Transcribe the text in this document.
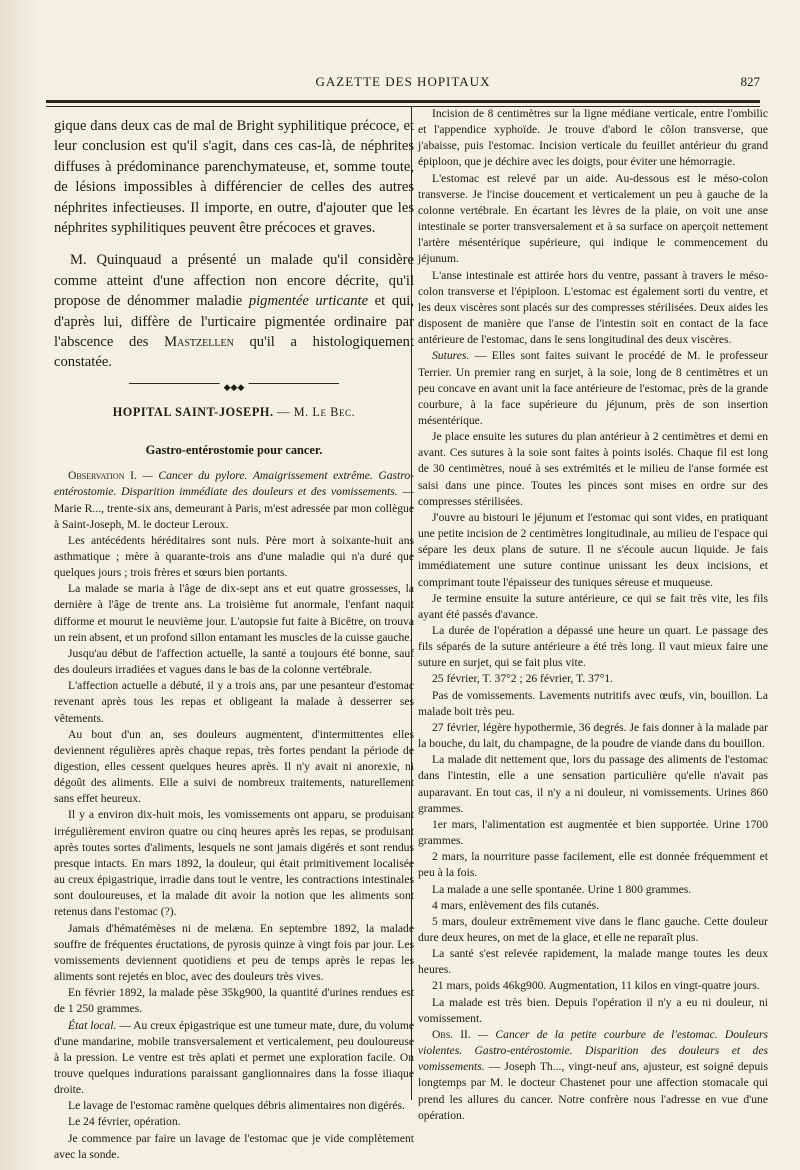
GAZETTE DES HOPITAUX	827

gique dans deux cas de mal de Bright syphilitique précoce, et leur conclusion est qu'il s'agit, dans ces cas-là, de néphrites diffuses à prédominance parenchymateuse, et, somme toute, de lésions impossibles à différencier de celles des autres néphrites infectieuses. Il importe, en outre, d'ajouter que les néphrites syphilitiques peuvent être précoces et graves.

M. Quinquaud a présenté un malade qu'il considère comme atteint d'une affection non encore décrite, qu'il propose de dénommer maladie pigmentée urticante et qui, d'après lui, diffère de l'urticaire pigmentée ordinaire par l'abscence des Mastzellen qu'il a histologiquement constatée.

◆◆◆
HOPITAL SAINT-JOSEPH. — M. Le Bec.
Gastro-entérostomie pour cancer.

Observation I. — Cancer du pylore. Amaigrissement extrême. Gastro-entérostomie. Disparition immédiate des douleurs et des vomissements. — Marie R..., trente-six ans, demeurant à Paris, m'est adressée par mon collègue à Saint-Joseph, M. le docteur Leroux.

Les antécédents héréditaires sont nuls. Père mort à soixante-huit ans asthmatique ; mère à quarante-trois ans d'une maladie qui n'a duré que quelques jours ; trois frères et sœurs bien portants.

La malade se maria à l'âge de dix-sept ans et eut quatre grossesses, la dernière à l'âge de trente ans. La troisième fut anormale, l'enfant naquit difforme et mourut le neuvième jour. L'autopsie fut faite à Bicêtre, on trouva un rein absent, et un profond sillon entamant les muscles de la cuisse gauche.

Jusqu'au début de l'affection actuelle, la santé a toujours été bonne, sauf des douleurs irradiées et vagues dans le bas de la colonne vertébrale.

L'affection actuelle a débuté, il y a trois ans, par une pesanteur d'estomac revenant après tous les repas et obligeant la malade à desserrer ses vêtements.

Au bout d'un an, ses douleurs augmentent, d'intermittentes elles deviennent régulières après chaque repas, très fortes pendant la période de digestion, elles cessent quelques heures après. Il n'y avait ni anorexie, ni dégoût des aliments. Elle a suivi de nombreux traitements, naturellement sans effet heureux.

Il y a environ dix-huit mois, les vomissements ont apparu, se produisant irrégulièrement environ quatre ou cinq heures après les repas, se produisant après toutes sortes d'aliments, lesquels ne sont jamais digérés et sont rendus presque intacts. En mars 1892, la douleur, qui était primitivement localisée au creux épigastrique, irradie dans tout le ventre, les contractions intestinales sont douloureuses, et la malade dit avoir la notion que les aliments sont retenus dans l'estomac (?).

Jamais d'hématémèses ni de melæna. En septembre 1892, la malade souffre de fréquentes éructations, de pyrosis quinze à vingt fois par jour. Les vomissements deviennent quotidiens et peu de temps après le repas les aliments sont rejetés en bloc, avec des douleurs très vives.

En février 1892, la malade pèse 35kg900, la quantité d'urines rendues est de 1 250 grammes.

État local. — Au creux épigastrique est une tumeur mate, dure, du volume d'une mandarine, mobile transversalement et verticalement, peu douloureuse à la pression. Le ventre est très aplati et permet une exploration facile. On trouve quelques indurations paraissant ganglionnaires dans la fosse iliaque droite.

Le lavage de l'estomac ramène quelques débris alimentaires non digérés.

Le 24 février, opération.

Je commence par faire un lavage de l'estomac que je vide complètement avec la sonde.

Incision de 8 centimètres sur la ligne médiane verticale, entre l'ombilic et l'appendice xyphoïde. Je trouve d'abord le côlon transverse, que j'abaisse, puis l'estomac. Incision verticale du feuillet antérieur du grand épiploon, que je déchire avec les doigts, pour éviter une hémorragie.

L'estomac est relevé par un aide. Au-dessous est le méso-colon transverse. Je l'incise doucement et verticalement un peu à gauche de la colonne vertébrale. En écartant les lèvres de la plaie, on voit une anse intestinale se porter transversalement et à sa surface on aperçoit nettement l'artère mésentérique supérieure, qui indique le commencement du jéjunum.

L'anse intestinale est attirée hors du ventre, passant à travers le méso-colon transverse et l'épiploon. L'estomac est également sorti du ventre, et les deux viscères sont placés sur des compresses stérilisées. Deux aides les disposent de manière que l'anse de l'intestin soit en contact de la face antérieure de l'estomac, dans le sens longitudinal des deux viscères.

Sutures. — Elles sont faites suivant le procédé de M. le professeur Terrier. Un premier rang en surjet, à la soie, long de 8 centimètres et un peu concave en avant unit la face antérieure de l'estomac, près de la grande courbure, à la face supérieure du jéjunum, près de son insertion mésentérique.

Je place ensuite les sutures du plan antérieur à 2 centimètres et demi en avant. Ces sutures à la soie sont faites à points isolés. Chaque fil est long de 30 centimètres, noué à ses extrémités et le milieu de l'anse formée est saisi dans une pince. Toutes les pinces sont mises en ordre sur des compresses stérilisées.

J'ouvre au bistouri le jéjunum et l'estomac qui sont vides, en pratiquant une petite incision de 2 centimètres longitudinale, au milieu de l'espace qui sépare les deux plans de suture. Il ne s'écoule aucun liquide. Je fais immédiatement une suture continue unissant les deux incisions, et comprimant toute l'épaisseur des tuniques séreuse et muqueuse.

Je termine ensuite la suture antérieure, ce qui se fait très vite, les fils ayant été passés d'avance.

La durée de l'opération a dépassé une heure un quart. Le passage des fils séparés de la suture antérieure a été très long. Il vaut mieux faire une suture en surjet, qui se fait plus vite.

25 février, T. 37°2 ; 26 février, T. 37°1.

Pas de vomissements. Lavements nutritifs avec œufs, vin, bouillon. La malade boit très peu.

27 février, légère hypothermie, 36 degrés. Je fais donner à la malade par la bouche, du lait, du champagne, de la poudre de viande dans du bouillon.

La malade dit nettement que, lors du passage des aliments de l'estomac dans l'intestin, elle a une sensation particulière qu'elle n'avait pas auparavant. En tout cas, il n'y a ni douleur, ni vomissements. Urines 860 grammes.

1er mars, l'alimentation est augmentée et bien supportée. Urine 1700 grammes.

2 mars, la nourriture passe facilement, elle est donnée fréquemment et peu à la fois.

La malade a une selle spontanée. Urine 1 800 grammes.

4 mars, enlèvement des fils cutanés.

5 mars, douleur extrêmement vive dans le flanc gauche. Cette douleur dure deux heures, on met de la glace, et elle ne reparaît plus.

La santé s'est relevée rapidement, la malade mange toutes les deux heures.

21 mars, poids 46kg900. Augmentation, 11 kilos en vingt-quatre jours.

La malade est très bien. Depuis l'opération il n'y a eu ni douleur, ni vomissement.

Obs. II. — Cancer de la petite courbure de l'estomac. Douleurs violentes. Gastro-entérostomie. Disparition des douleurs et des vomissements. — Joseph Th..., vingt-neuf ans, ajusteur, est soigné depuis longtemps par M. le docteur Chastenet pour une affection stomacale qui prend les allures du cancer. Notre confrère nous l'adresse en vue d'une opération.
